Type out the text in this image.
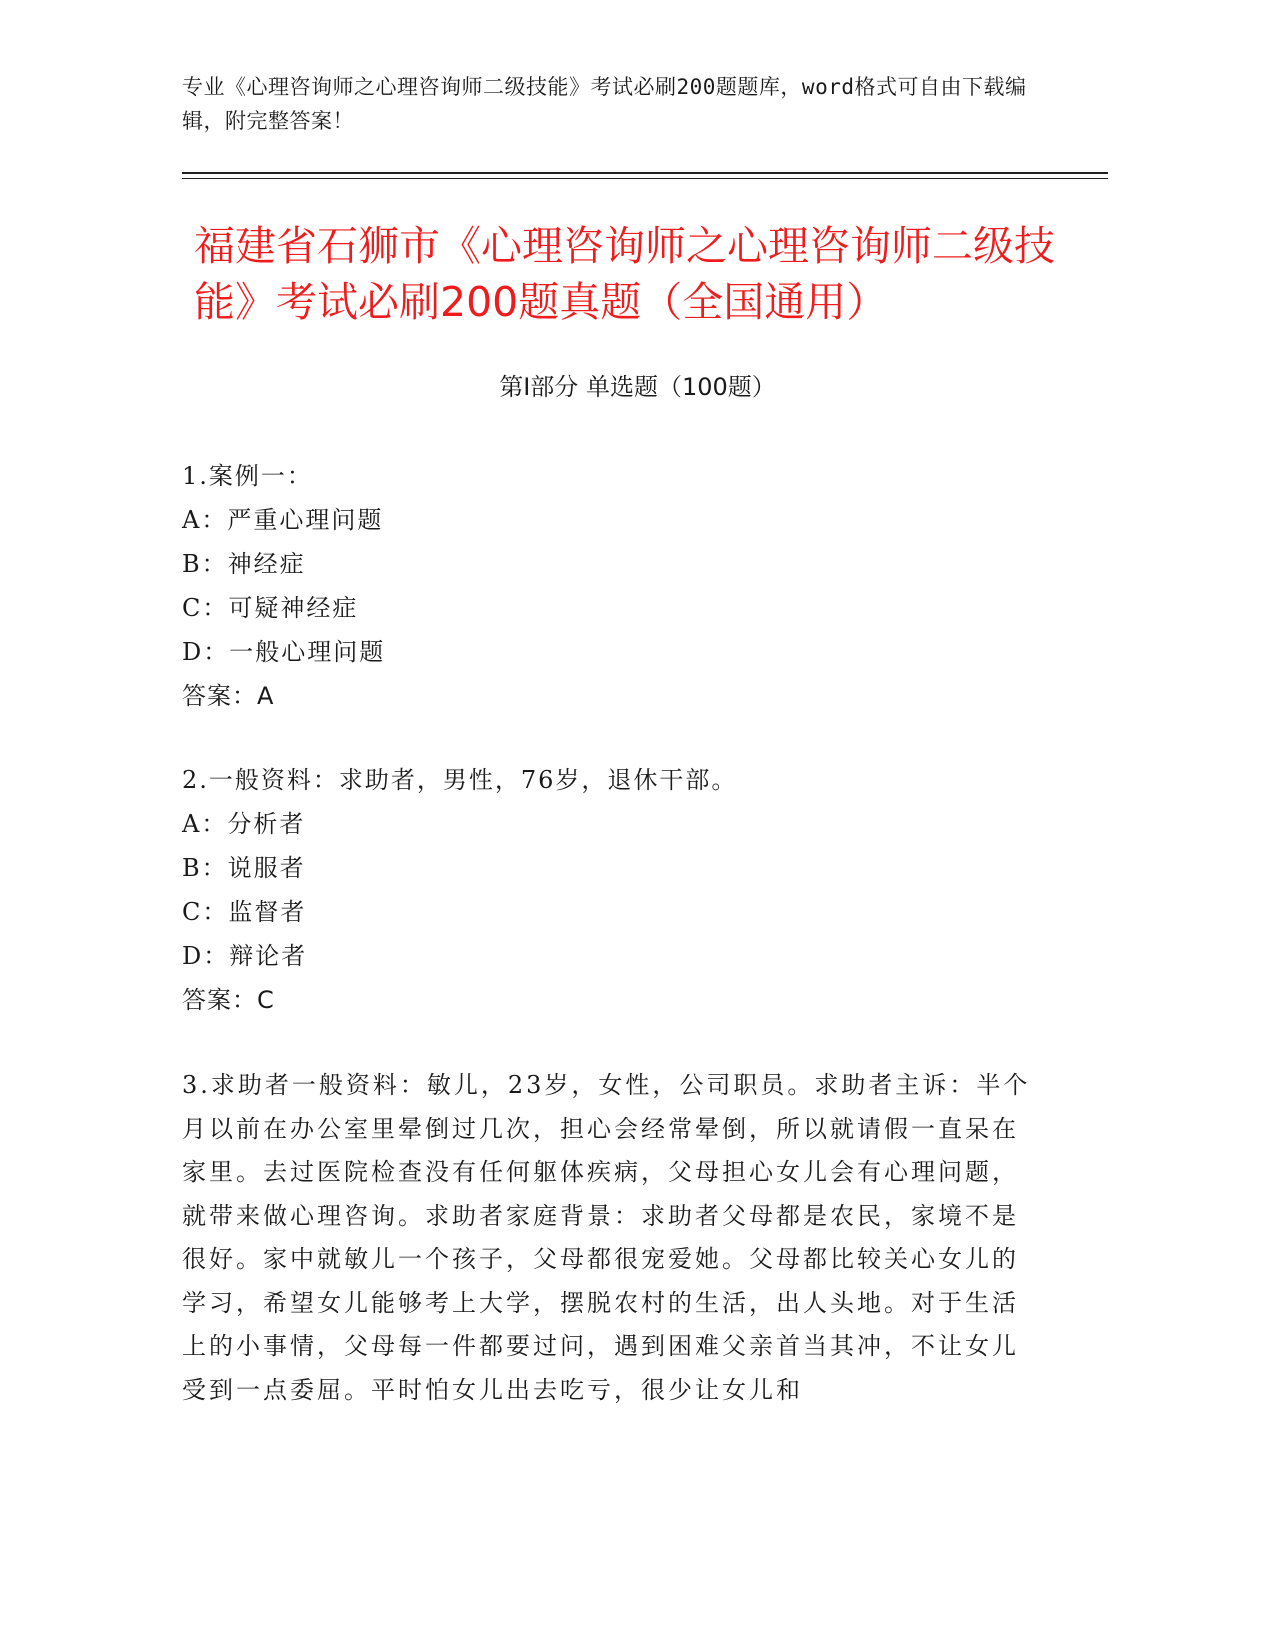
专业《心理咨询师之心理咨询师二级技能》考试必刷200题题库，word格式可自由下载编辑，附完整答案！
福建省石狮市《心理咨询师之心理咨询师二级技能》考试必刷200题真题（全国通用）
第Ⅰ部分 单选题（100题）

1.案例一：

A：严重心理问题

B：神经症

C：可疑神经症

D：一般心理问题

答案：A

2.一般资料：求助者，男性，76岁，退休干部。

A：分析者

B：说服者

C：监督者

D：辩论者

答案：C

3.求助者一般资料：敏儿，23岁，女性，公司职员。求助者主诉：半个月以前在办公室里晕倒过几次，担心会经常晕倒，所以就请假一直呆在家里。去过医院检查没有任何躯体疾病，父母担心女儿会有心理问题，就带来做心理咨询。求助者家庭背景：求助者父母都是农民，家境不是很好。家中就敏儿一个孩子，父母都很宠爱她。父母都比较关心女儿的学习，希望女儿能够考上大学，摆脱农村的生活，出人头地。对于生活上的小事情，父母每一件都要过问，遇到困难父亲首当其冲，不让女儿受到一点委屈。平时怕女儿出去吃亏，很少让女儿和
